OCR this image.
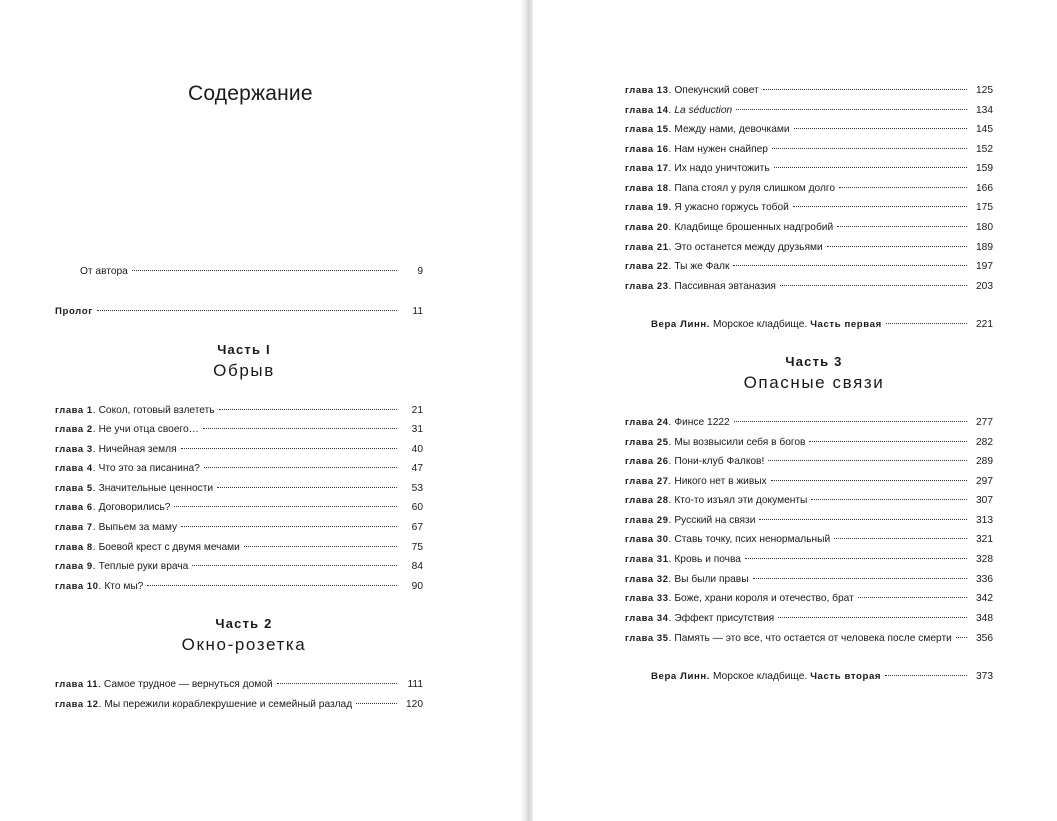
Содержание
От автора	9
Пролог	11
Часть I
Обрыв
глава 1 . Сокол, готовый взлететь	21
глава 2 . Не учи отца своего…	31
глава 3 . Ничейная земля	40
глава 4 . Что это за писанина?	47
глава 5 . Значительные ценности	53
глава 6 . Договорились?	60
глава 7 . Выпьем за маму	67
глава 8 . Боевой крест с двумя мечами	75
глава 9 . Теплые руки врача	84
глава 10 . Кто мы?	90
Часть 2
Окно-розетка
глава 11 . Самое трудное — вернуться домой	111
глава 12 . Мы пережили кораблекрушение и семейный разлад	120
глава 13 . Опекунский совет	125
глава 14 . La séduction	134
глава 15 . Между нами, девочками	145
глава 16 . Нам нужен снайпер	152
глава 17 . Их надо уничтожить	159
глава 18 . Папа стоял у руля слишком долго	166
глава 19 . Я ужасно горжусь тобой	175
глава 20 . Кладбище брошенных надгробий	180
глава 21 . Это останется между друзьями	189
глава 22 . Ты же Фалк	197
глава 23 . Пассивная эвтаназия	203
Вера Линн. Морское кладбище. Часть первая	221
Часть 3
Опасные связи
глава 24 . Финсе 1222	277
глава 25 . Мы возвысили себя в богов	282
глава 26 . Пони-клуб Фалков!	289
глава 27 . Никого нет в живых	297
глава 28 . Кто-то изъял эти документы	307
глава 29 . Русский на связи	313
глава 30 . Ставь точку, псих ненормальный	321
глава 31 . Кровь и почва	328
глава 32 . Вы были правы	336
глава 33 . Боже, храни короля и отечество, брат	342
глава 34 . Эффект присутствия	348
глава 35 . Память — это все, что остается от человека после смерти	356
Вера Линн. Морское кладбище. Часть вторая	373
